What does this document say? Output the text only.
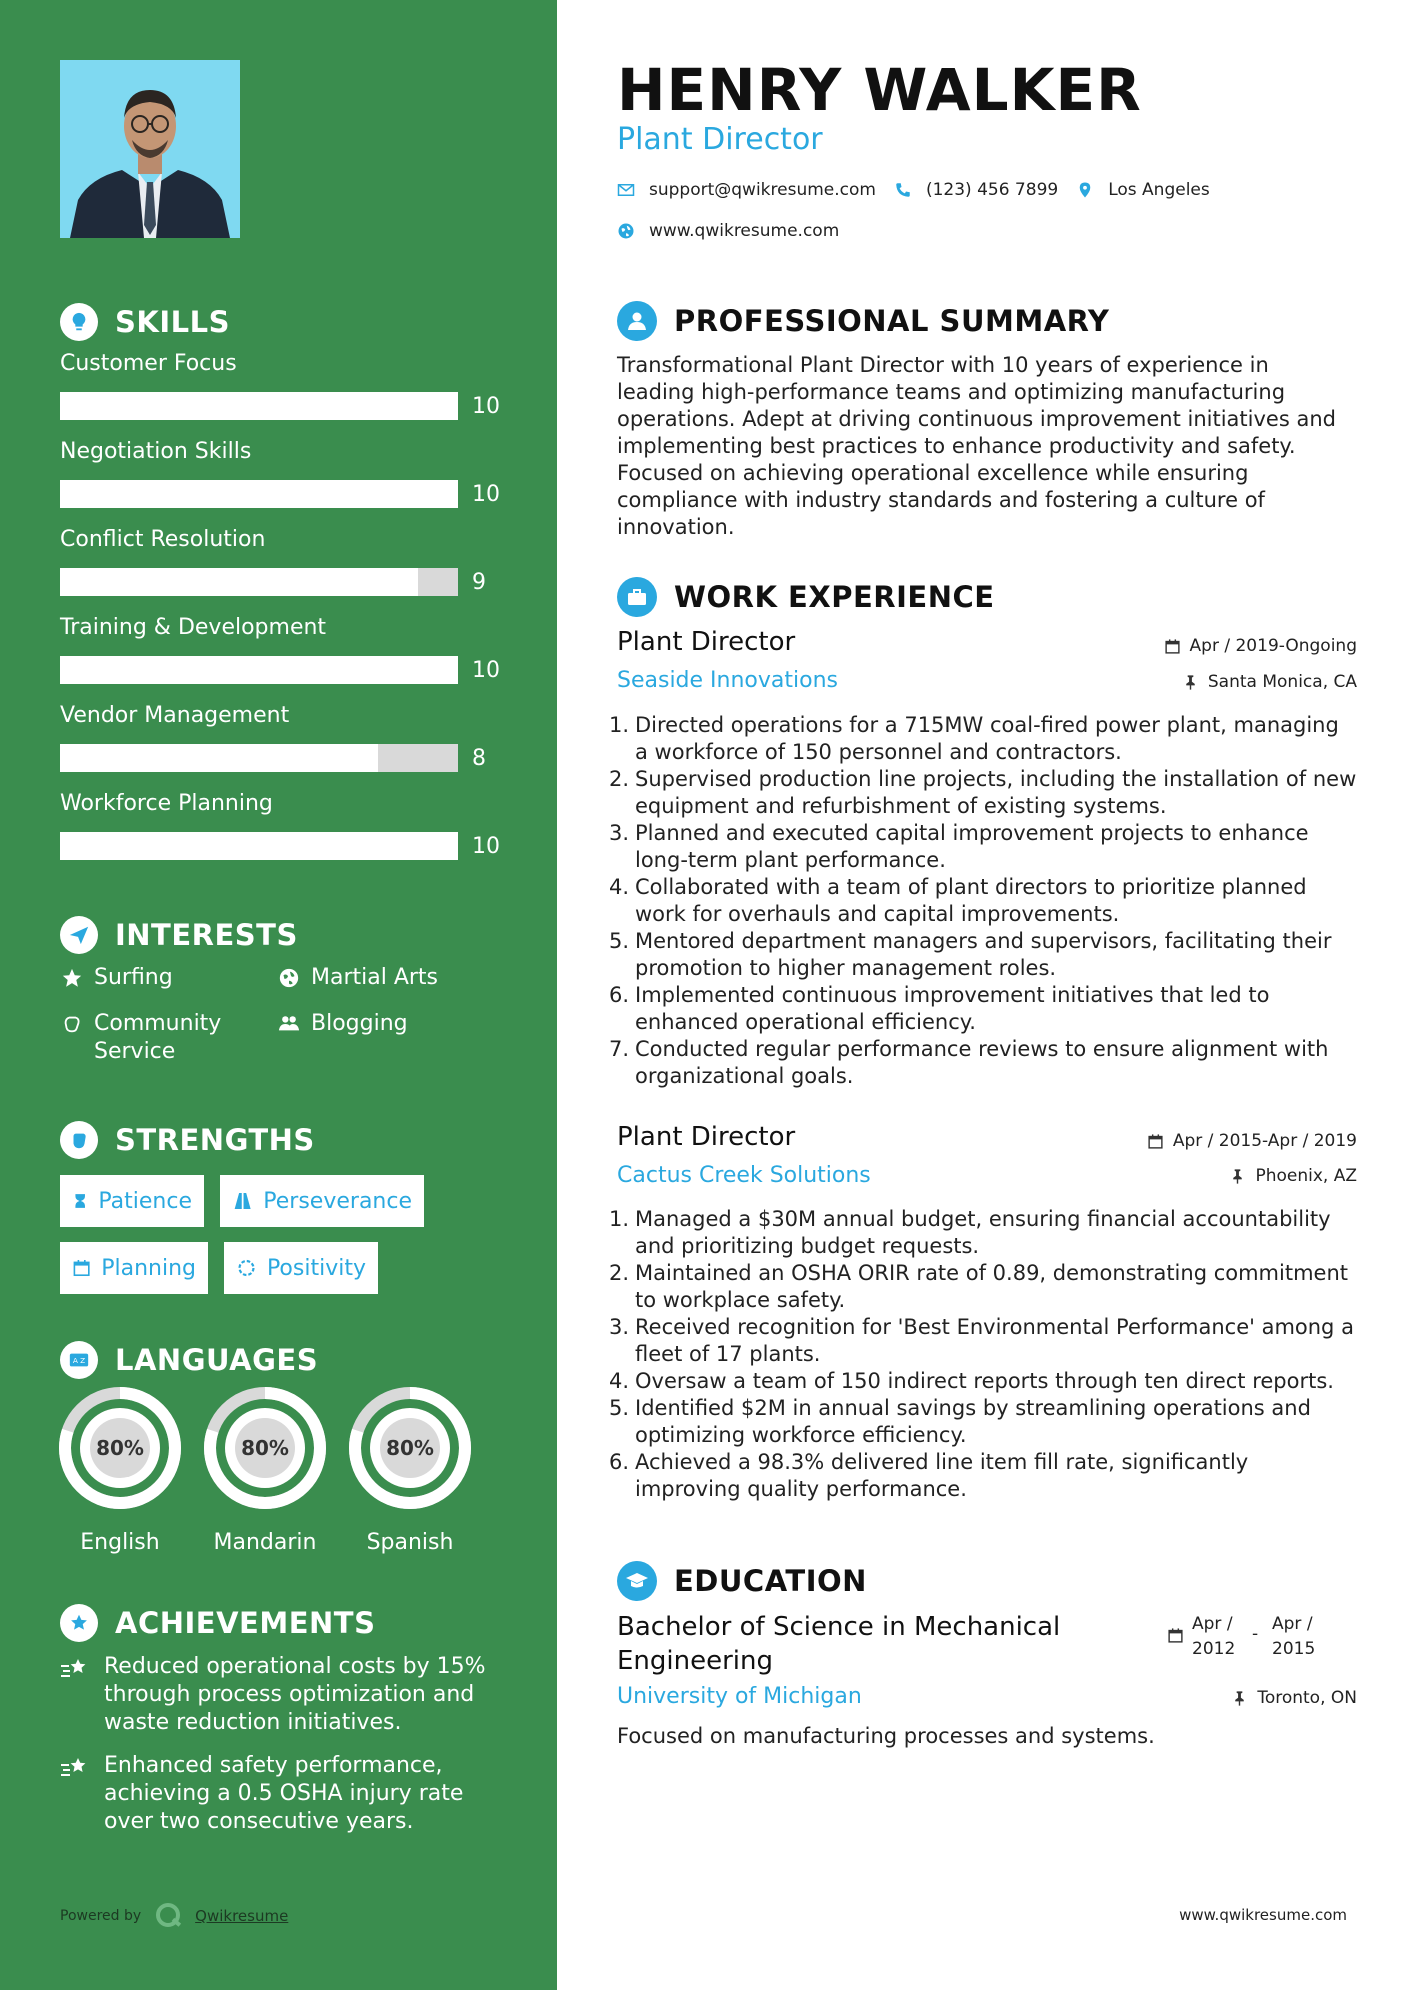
SKILLS
Customer Focus
10
Negotiation Skills
10
Conflict Resolution
9
Training & Development
10
Vendor Management
8
Workforce Planning
10
INTERESTS
Surfing	Martial Arts
Community Service
Blogging
STRENGTHS
Patience	Perseverance
Planning	Positivity
A Z LANGUAGES
80%
English
80%
Mandarin
80%
Spanish
ACHIEVEMENTS
Reduced operational costs by 15% through process optimization and waste reduction initiatives.
Enhanced safety performance, achieving a 0.5 OSHA injury rate over two consecutive years.
Powered by	Qwikresume
HENRY WALKER
Plant Director
support@qwikresume.com	(123) 456 7899	Los Angeles
www.qwikresume.com
PROFESSIONAL SUMMARY
Transformational Plant Director with 10 years of experience in leading high-performance teams and optimizing manufacturing operations. Adept at driving continuous improvement initiatives and implementing best practices to enhance productivity and safety. Focused on achieving operational excellence while ensuring compliance with industry standards and fostering a culture of innovation.
WORK EXPERIENCE
Plant Director	Apr / 2019-Ongoing
Seaside Innovations	Santa Monica, CA
1. Directed operations for a 715MW coal-fired power plant, managing a workforce of 150 personnel and contractors.
2. Supervised production line projects, including the installation of new equipment and refurbishment of existing systems.
3. Planned and executed capital improvement projects to enhance long-term plant performance.
4. Collaborated with a team of plant directors to prioritize planned work for overhauls and capital improvements.
5. Mentored department managers and supervisors, facilitating their promotion to higher management roles.
6. Implemented continuous improvement initiatives that led to enhanced operational efficiency.
7. Conducted regular performance reviews to ensure alignment with organizational goals.
Plant Director	Apr / 2015-Apr / 2019
Cactus Creek Solutions	Phoenix, AZ
1. Managed a $30M annual budget, ensuring financial accountability and prioritizing budget requests.
2. Maintained an OSHA ORIR rate of 0.89, demonstrating commitment to workplace safety.
3. Received recognition for 'Best Environmental Performance' among a fleet of 17 plants.
4. Oversaw a team of 150 indirect reports through ten direct reports.
5. Identified $2M in annual savings by streamlining operations and optimizing workforce efficiency.
6. Achieved a 98.3% delivered line item fill rate, significantly improving quality performance.
EDUCATION
Bachelor of Science in Mechanical Engineering
Apr / 2012
- Apr / 2015
University of Michigan	Toronto, ON
Focused on manufacturing processes and systems.
www.qwikresume.com
